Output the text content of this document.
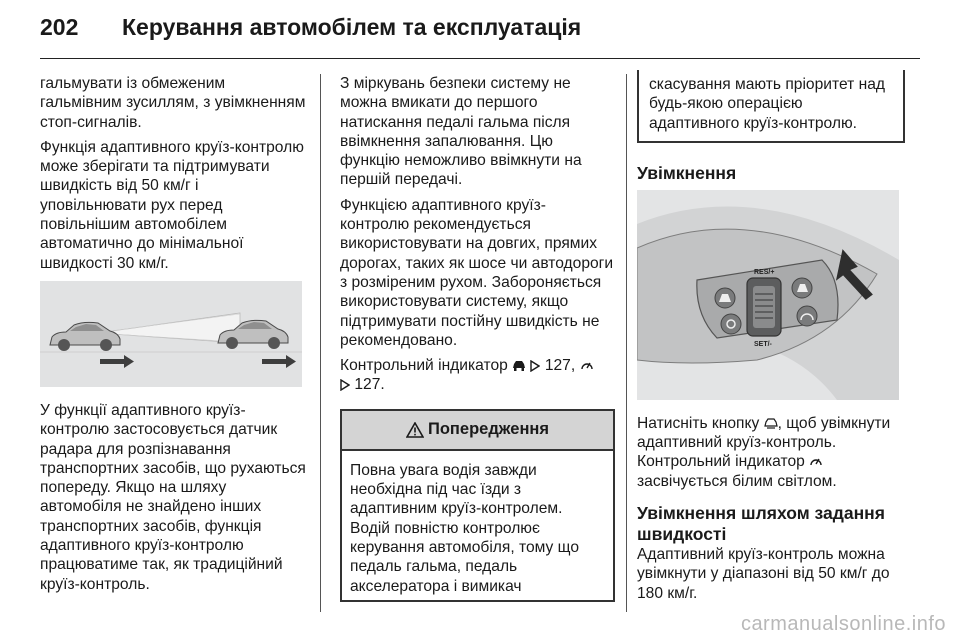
202 Керування автомобілем та експлуатація

гальмувати із обмеженим гальмівним зусиллям, з увімкненням стоп-сигналів.

Функція адаптивного круїз-контролю може зберігати та підтримувати швидкість від 50 км/г і уповільнювати рух перед повільнішим автомобілем автоматично до мінімальної швидкості 30 км/г.

У функції адаптивного круїз-контролю застосовується датчик радара для розпізнавання транспортних засобів, що рухаються попереду. Якщо на шляху автомобіля не знайдено інших транспортних засобів, функція адаптивного круїз-контролю працюватиме так, як традиційний круїз-контроль.

З міркувань безпеки систему не можна вмикати до першого натискання педалі гальма після ввімкнення запалювання. Цю функцію неможливо ввімкнути на першій передачі.

Функцією адаптивного круїз-контролю рекомендується використовувати на довгих, прямих дорогах, таких як шосе чи автодороги з розміреним рухом. Забороняється використовувати систему, якщо підтримувати постійну швидкість не рекомендовано.

Контрольний індикатор 127,
127.

Попередження
Повна увага водія завжди необхідна під час їзди з адаптивним круїз-контролем. Водій повністю контролює керування автомобіля, тому що педаль гальма, педаль акселератора і вимикач
скасування мають пріоритет над будь-якою операцією адаптивного круїз-контролю.
Увімкнення
RES/+
SET/-

Натисніть кнопку , щоб увімкнути адаптивний круїз-контроль. Контрольний індикатор  засвічується білим світлом.

Увімкнення шляхом задання швидкості

Адаптивний круїз-контроль можна увімкнути у діапазоні від 50 км/г до 180 км/г.

carmanualsonline.info
